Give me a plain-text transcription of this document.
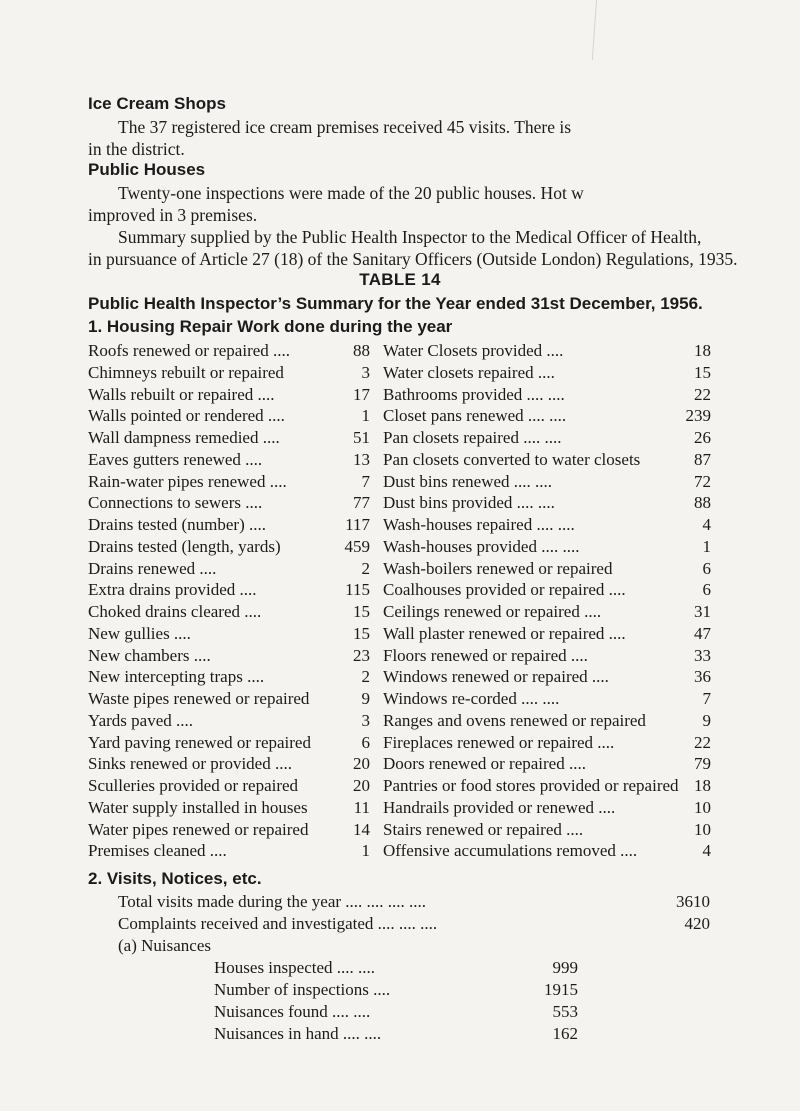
Ice Cream Shops
The 37 registered ice cream premises received 45 visits. There is
in the district.
Public Houses
Twenty-one inspections were made of the 20 public houses. Hot w
improved in 3 premises.
Summary supplied by the Public Health Inspector to the Medical Officer of Health,
in pursuance of Article 27 (18) of the Sanitary Officers (Outside London) Regulations, 1935.
TABLE 14
Public Health Inspector’s Summary for the Year ended 31st December, 1956.
1. Housing Repair Work done during the year
Roofs renewed or repaired ....	88
Chimneys rebuilt or repaired	3
Walls rebuilt or repaired ....	17
Walls pointed or rendered ....	1
Wall dampness remedied ....	51
Eaves gutters renewed ....	13
Rain-water pipes renewed ....	7
Connections to sewers ....	77
Drains tested (number) ....	117
Drains tested (length, yards)	459
Drains renewed ....	2
Extra drains provided ....	115
Choked drains cleared ....	15
New gullies ....	15
New chambers ....	23
New intercepting traps ....	2
Waste pipes renewed or repaired	9
Yards paved ....	3
Yard paving renewed or repaired	6
Sinks renewed or provided ....	20
Sculleries provided or repaired	20
Water supply installed in houses	11
Water pipes renewed or repaired	14
Premises cleaned ....	1
Water Closets provided ....	18
Water closets repaired ....	15
Bathrooms provided .... ....	22
Closet pans renewed .... ....	239
Pan closets repaired .... ....	26
Pan closets converted to water closets	87
Dust bins renewed .... ....	72
Dust bins provided .... ....	88
Wash-houses repaired .... ....	4
Wash-houses provided .... ....	1
Wash-boilers renewed or repaired	6
Coalhouses provided or repaired ....	6
Ceilings renewed or repaired ....	31
Wall plaster renewed or repaired ....	47
Floors renewed or repaired ....	33
Windows renewed or repaired ....	36
Windows re-corded .... ....	7
Ranges and ovens renewed or repaired	9
Fireplaces renewed or repaired ....	22
Doors renewed or repaired ....	79
Pantries or food stores provided or repaired 18
Handrails provided or renewed ....	10
Stairs renewed or repaired ....	10
Offensive accumulations removed ....	4
2. Visits, Notices, etc.
Total visits made during the year .... .... .... ....	3610
Complaints received and investigated .... .... ....	420
(a) Nuisances
Houses inspected .... ....	999
Number of inspections ....	1915
Nuisances found .... ....	553
Nuisances in hand .... ....	162
